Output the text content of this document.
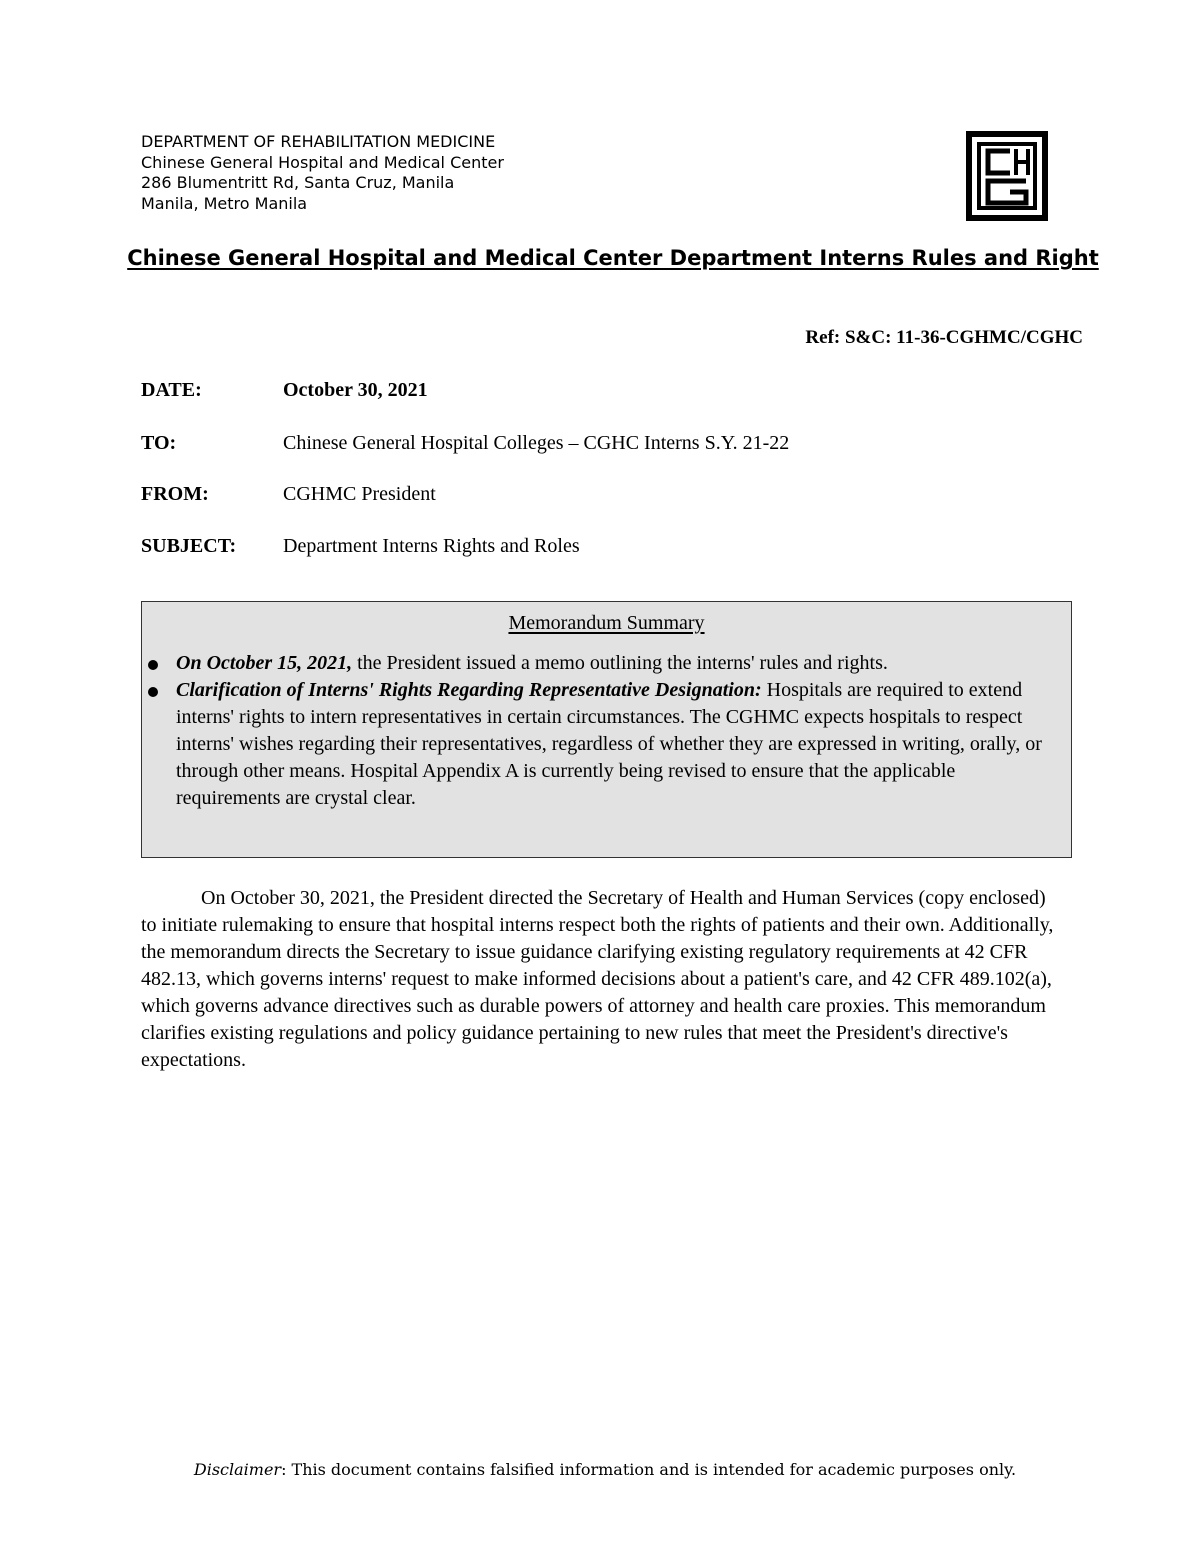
DEPARTMENT OF REHABILITATION MEDICINE
Chinese General Hospital and Medical Center
286 Blumentritt Rd, Santa Cruz, Manila
Manila, Metro Manila
Chinese General Hospital and Medical Center Department Interns Rules and Right
Ref: S&C: 11-36-CGHMC/CGHC
DATE:	October 30, 2021
TO:	Chinese General Hospital Colleges – CGHC Interns S.Y. 21-22
FROM:	CGHMC President
SUBJECT: Department Interns Rights and Roles
Memorandum Summary
On October 15, 2021, the President issued a memo outlining the interns' rules and rights.
Clarification of Interns' Rights Regarding Representative Designation: Hospitals are required to extend interns' rights to intern representatives in certain circumstances. The CGHMC expects hospitals to respect interns' wishes regarding their representatives, regardless of whether they are expressed in writing, orally, or through other means. Hospital Appendix A is currently being revised to ensure that the applicable requirements are crystal clear.
On October 30, 2021, the President directed the Secretary of Health and Human Services (copy enclosed) to initiate rulemaking to ensure that hospital interns respect both the rights of patients and their own. Additionally, the memorandum directs the Secretary to issue guidance clarifying existing regulatory requirements at 42 CFR 482.13, which governs interns' request to make informed decisions about a patient's care, and 42 CFR 489.102(a), which governs advance directives such as durable powers of attorney and health care proxies. This memorandum clarifies existing regulations and policy guidance pertaining to new rules that meet the President's directive's expectations.
Disclaimer: This document contains falsified information and is intended for academic purposes only.
